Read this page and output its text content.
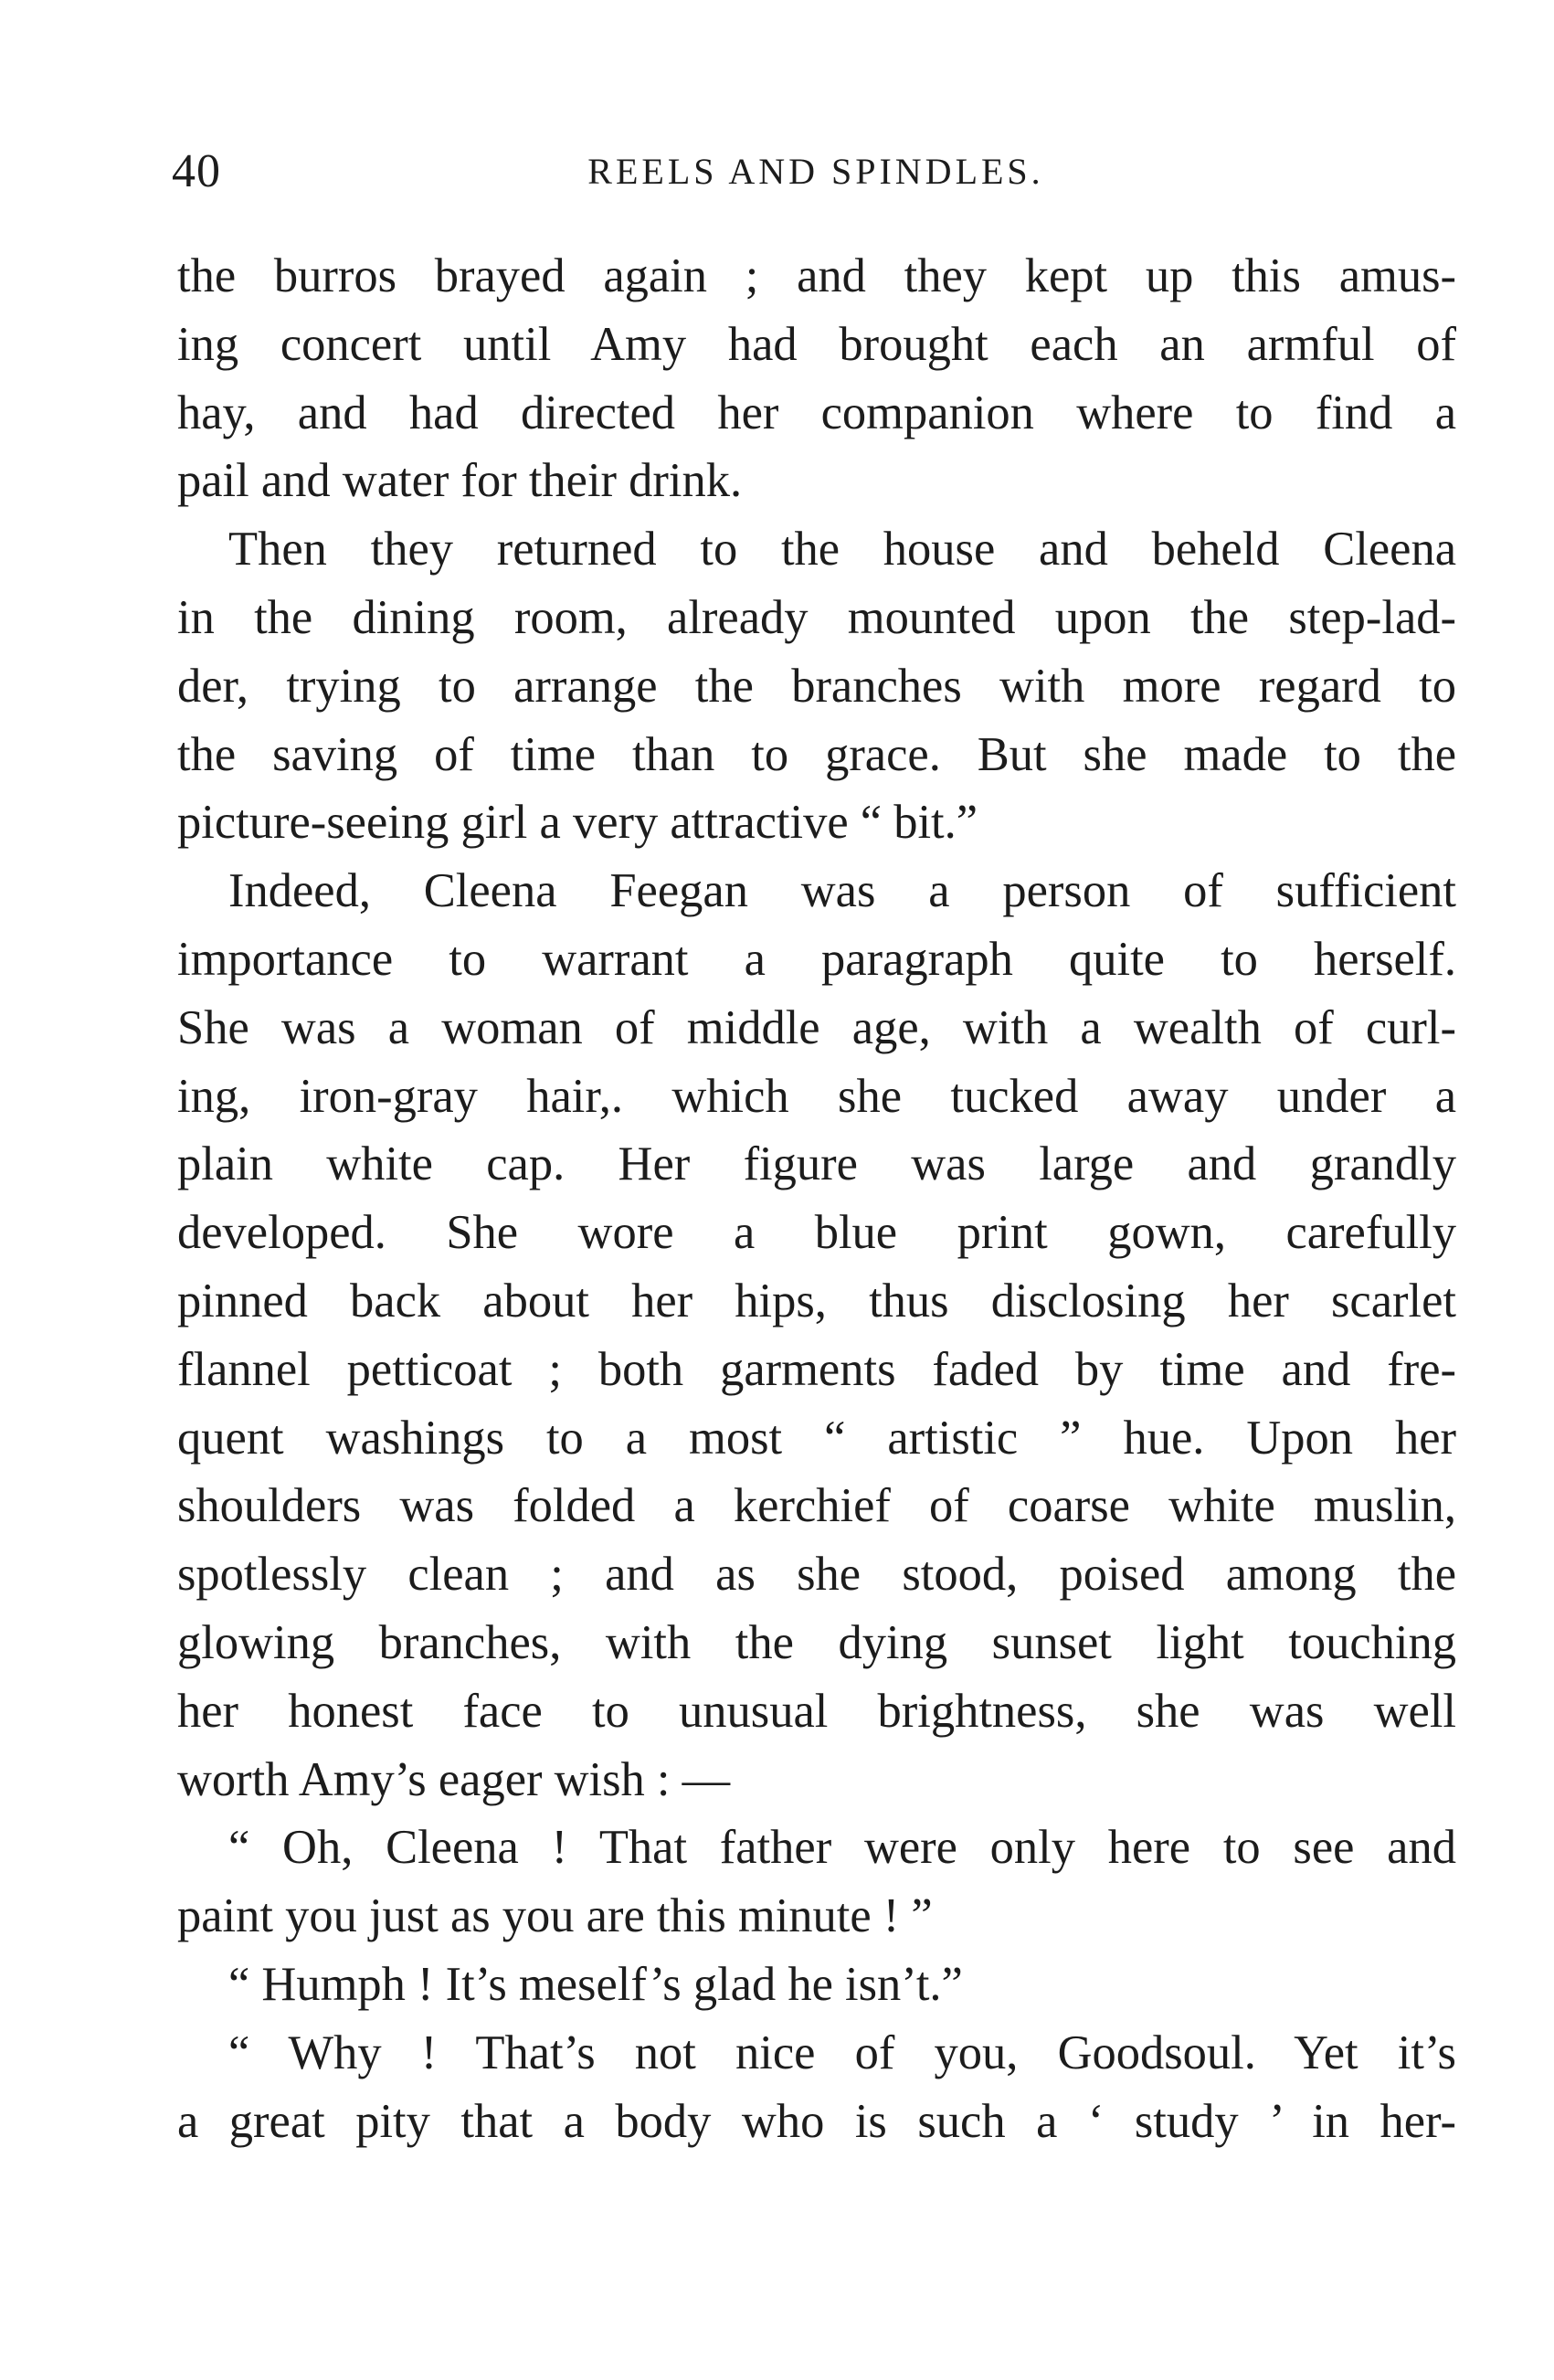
40	REELS AND SPINDLES.
the burros brayed again ; and they kept up this amus-
ing concert until Amy had brought each an armful of
hay, and had directed her companion where to find a
pail and water for their drink.
Then they returned to the house and beheld Cleena
in the dining room, already mounted upon the step-lad-
der, trying to arrange the branches with more regard to
the saving of time than to grace. But she made to the
picture-seeing girl a very attractive “ bit.”
Indeed, Cleena Feegan was a person of sufficient
importance to warrant a paragraph quite to herself.
She was a woman of middle age, with a wealth of curl-
ing, iron-gray hair,. which she tucked away under a
plain white cap. Her figure was large and grandly
developed. She wore a blue print gown, carefully
pinned back about her hips, thus disclosing her scarlet
flannel petticoat ; both garments faded by time and fre-
quent washings to a most “ artistic ” hue. Upon her
shoulders was folded a kerchief of coarse white muslin,
spotlessly clean ; and as she stood, poised among the
glowing branches, with the dying sunset light touching
her honest face to unusual brightness, she was well
worth Amy’s eager wish : —
“ Oh, Cleena ! That father were only here to see and
paint you just as you are this minute ! ”
“ Humph ! It’s meself’s glad he isn’t.”
“ Why ! That’s not nice of you, Goodsoul. Yet it’s
a great pity that a body who is such a ‘ study ’ in her-
